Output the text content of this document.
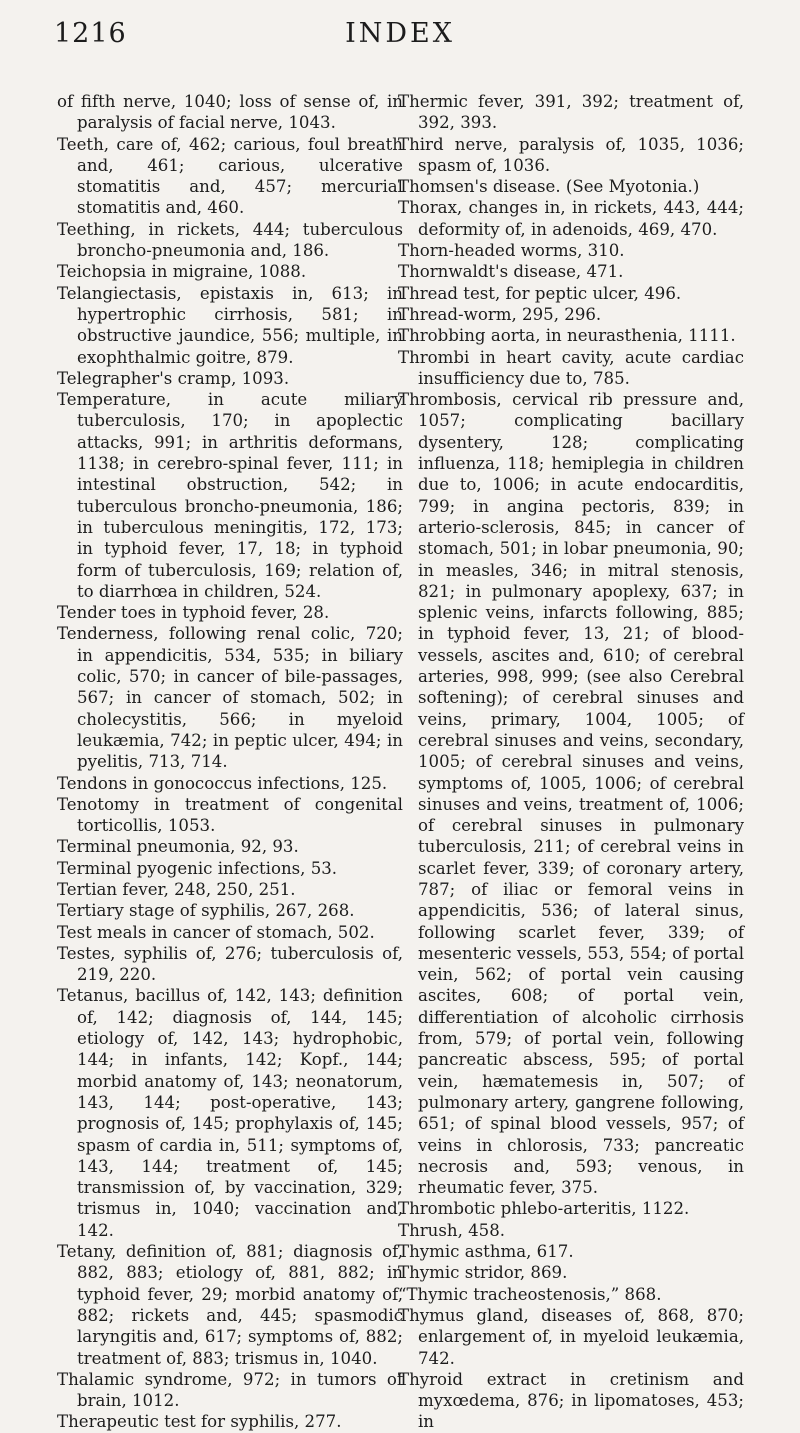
1216	INDEX

of fifth nerve, 1040; loss of sense of, in paralysis of facial nerve, 1043.

Teeth, care of, 462; carious, foul breath and, 461; carious, ulcerative stomatitis and, 457; mercurial stomatitis and, 460.

Teething, in rickets, 444; tuberculous broncho-pneumonia and, 186.

Teichopsia in migraine, 1088.

Telangiectasis, epistaxis in, 613; in hypertrophic cirrhosis, 581; in obstructive jaundice, 556; multiple, in exophthalmic goitre, 879.

Telegrapher's cramp, 1093.

Temperature, in acute miliary tuberculosis, 170; in apoplectic attacks, 991; in arthritis deformans, 1138; in cerebro-spinal fever, 111; in intestinal obstruction, 542; in tuberculous broncho-pneumonia, 186; in tuberculous meningitis, 172, 173; in typhoid fever, 17, 18; in typhoid form of tuberculosis, 169; relation of, to diarrhœa in children, 524.

Tender toes in typhoid fever, 28.

Tenderness, following renal colic, 720; in appendicitis, 534, 535; in biliary colic, 570; in cancer of bile-passages, 567; in cancer of stomach, 502; in cholecystitis, 566; in myeloid leukæmia, 742; in peptic ulcer, 494; in pyelitis, 713, 714.

Tendons in gonococcus infections, 125.

Tenotomy in treatment of congenital torticollis, 1053.

Terminal pneumonia, 92, 93.

Terminal pyogenic infections, 53.

Tertian fever, 248, 250, 251.

Tertiary stage of syphilis, 267, 268.

Test meals in cancer of stomach, 502.

Testes, syphilis of, 276; tuberculosis of, 219, 220.

Tetanus, bacillus of, 142, 143; definition of, 142; diagnosis of, 144, 145; etiology of, 142, 143; hydrophobic, 144; in infants, 142; Kopf., 144; morbid anatomy of, 143; neonatorum, 143, 144; post-operative, 143; prognosis of, 145; prophylaxis of, 145; spasm of cardia in, 511; symptoms of, 143, 144; treatment of, 145; transmission of, by vaccination, 329; trismus in, 1040; vaccination and, 142.

Tetany, definition of, 881; diagnosis of, 882, 883; etiology of, 881, 882; in typhoid fever, 29; morbid anatomy of, 882; rickets and, 445; spasmodic laryngitis and, 617; symptoms of, 882; treatment of, 883; trismus in, 1040.

Thalamic syndrome, 972; in tumors of brain, 1012.

Therapeutic test for syphilis, 277.

Thermic fever, 391, 392; treatment of, 392, 393.

Third nerve, paralysis of, 1035, 1036; spasm of, 1036.

Thomsen's disease. (See Myotonia.)

Thorax, changes in, in rickets, 443, 444; deformity of, in adenoids, 469, 470.

Thorn-headed worms, 310.

Thornwaldt's disease, 471.

Thread test, for peptic ulcer, 496.

Thread-worm, 295, 296.

Throbbing aorta, in neurasthenia, 1111.

Thrombi in heart cavity, acute cardiac insufficiency due to, 785.

Thrombosis, cervical rib pressure and, 1057; complicating bacillary dysentery, 128; complicating influenza, 118; hemiplegia in children due to, 1006; in acute endocarditis, 799; in angina pectoris, 839; in arterio-sclerosis, 845; in cancer of stomach, 501; in lobar pneumonia, 90; in measles, 346; in mitral stenosis, 821; in pulmonary apoplexy, 637; in splenic veins, infarcts following, 885; in typhoid fever, 13, 21; of blood-vessels, ascites and, 610; of cerebral arteries, 998, 999; (see also Cerebral softening); of cerebral sinuses and veins, primary, 1004, 1005; of cerebral sinuses and veins, secondary, 1005; of cerebral sinuses and veins, symptoms of, 1005, 1006; of cerebral sinuses and veins, treatment of, 1006; of cerebral sinuses in pulmonary tuberculosis, 211; of cerebral veins in scarlet fever, 339; of coronary artery, 787; of iliac or femoral veins in appendicitis, 536; of lateral sinus, following scarlet fever, 339; of mesenteric vessels, 553, 554; of portal vein, 562; of portal vein causing ascites, 608; of portal vein, differentiation of alcoholic cirrhosis from, 579; of portal vein, following pancreatic abscess, 595; of portal vein, hæmatemesis in, 507; of pulmonary artery, gangrene following, 651; of spinal blood vessels, 957; of veins in chlorosis, 733; pancreatic necrosis and, 593; venous, in rheumatic fever, 375.

Thrombotic phlebo-arteritis, 1122.

Thrush, 458.

Thymic asthma, 617.

Thymic stridor, 869.

“Thymic tracheostenosis,” 868.

Thymus gland, diseases of, 868, 870; enlargement of, in myeloid leukæmia, 742.

Thyroid extract in cretinism and myxœdema, 876; in lipomatoses, 453; in
